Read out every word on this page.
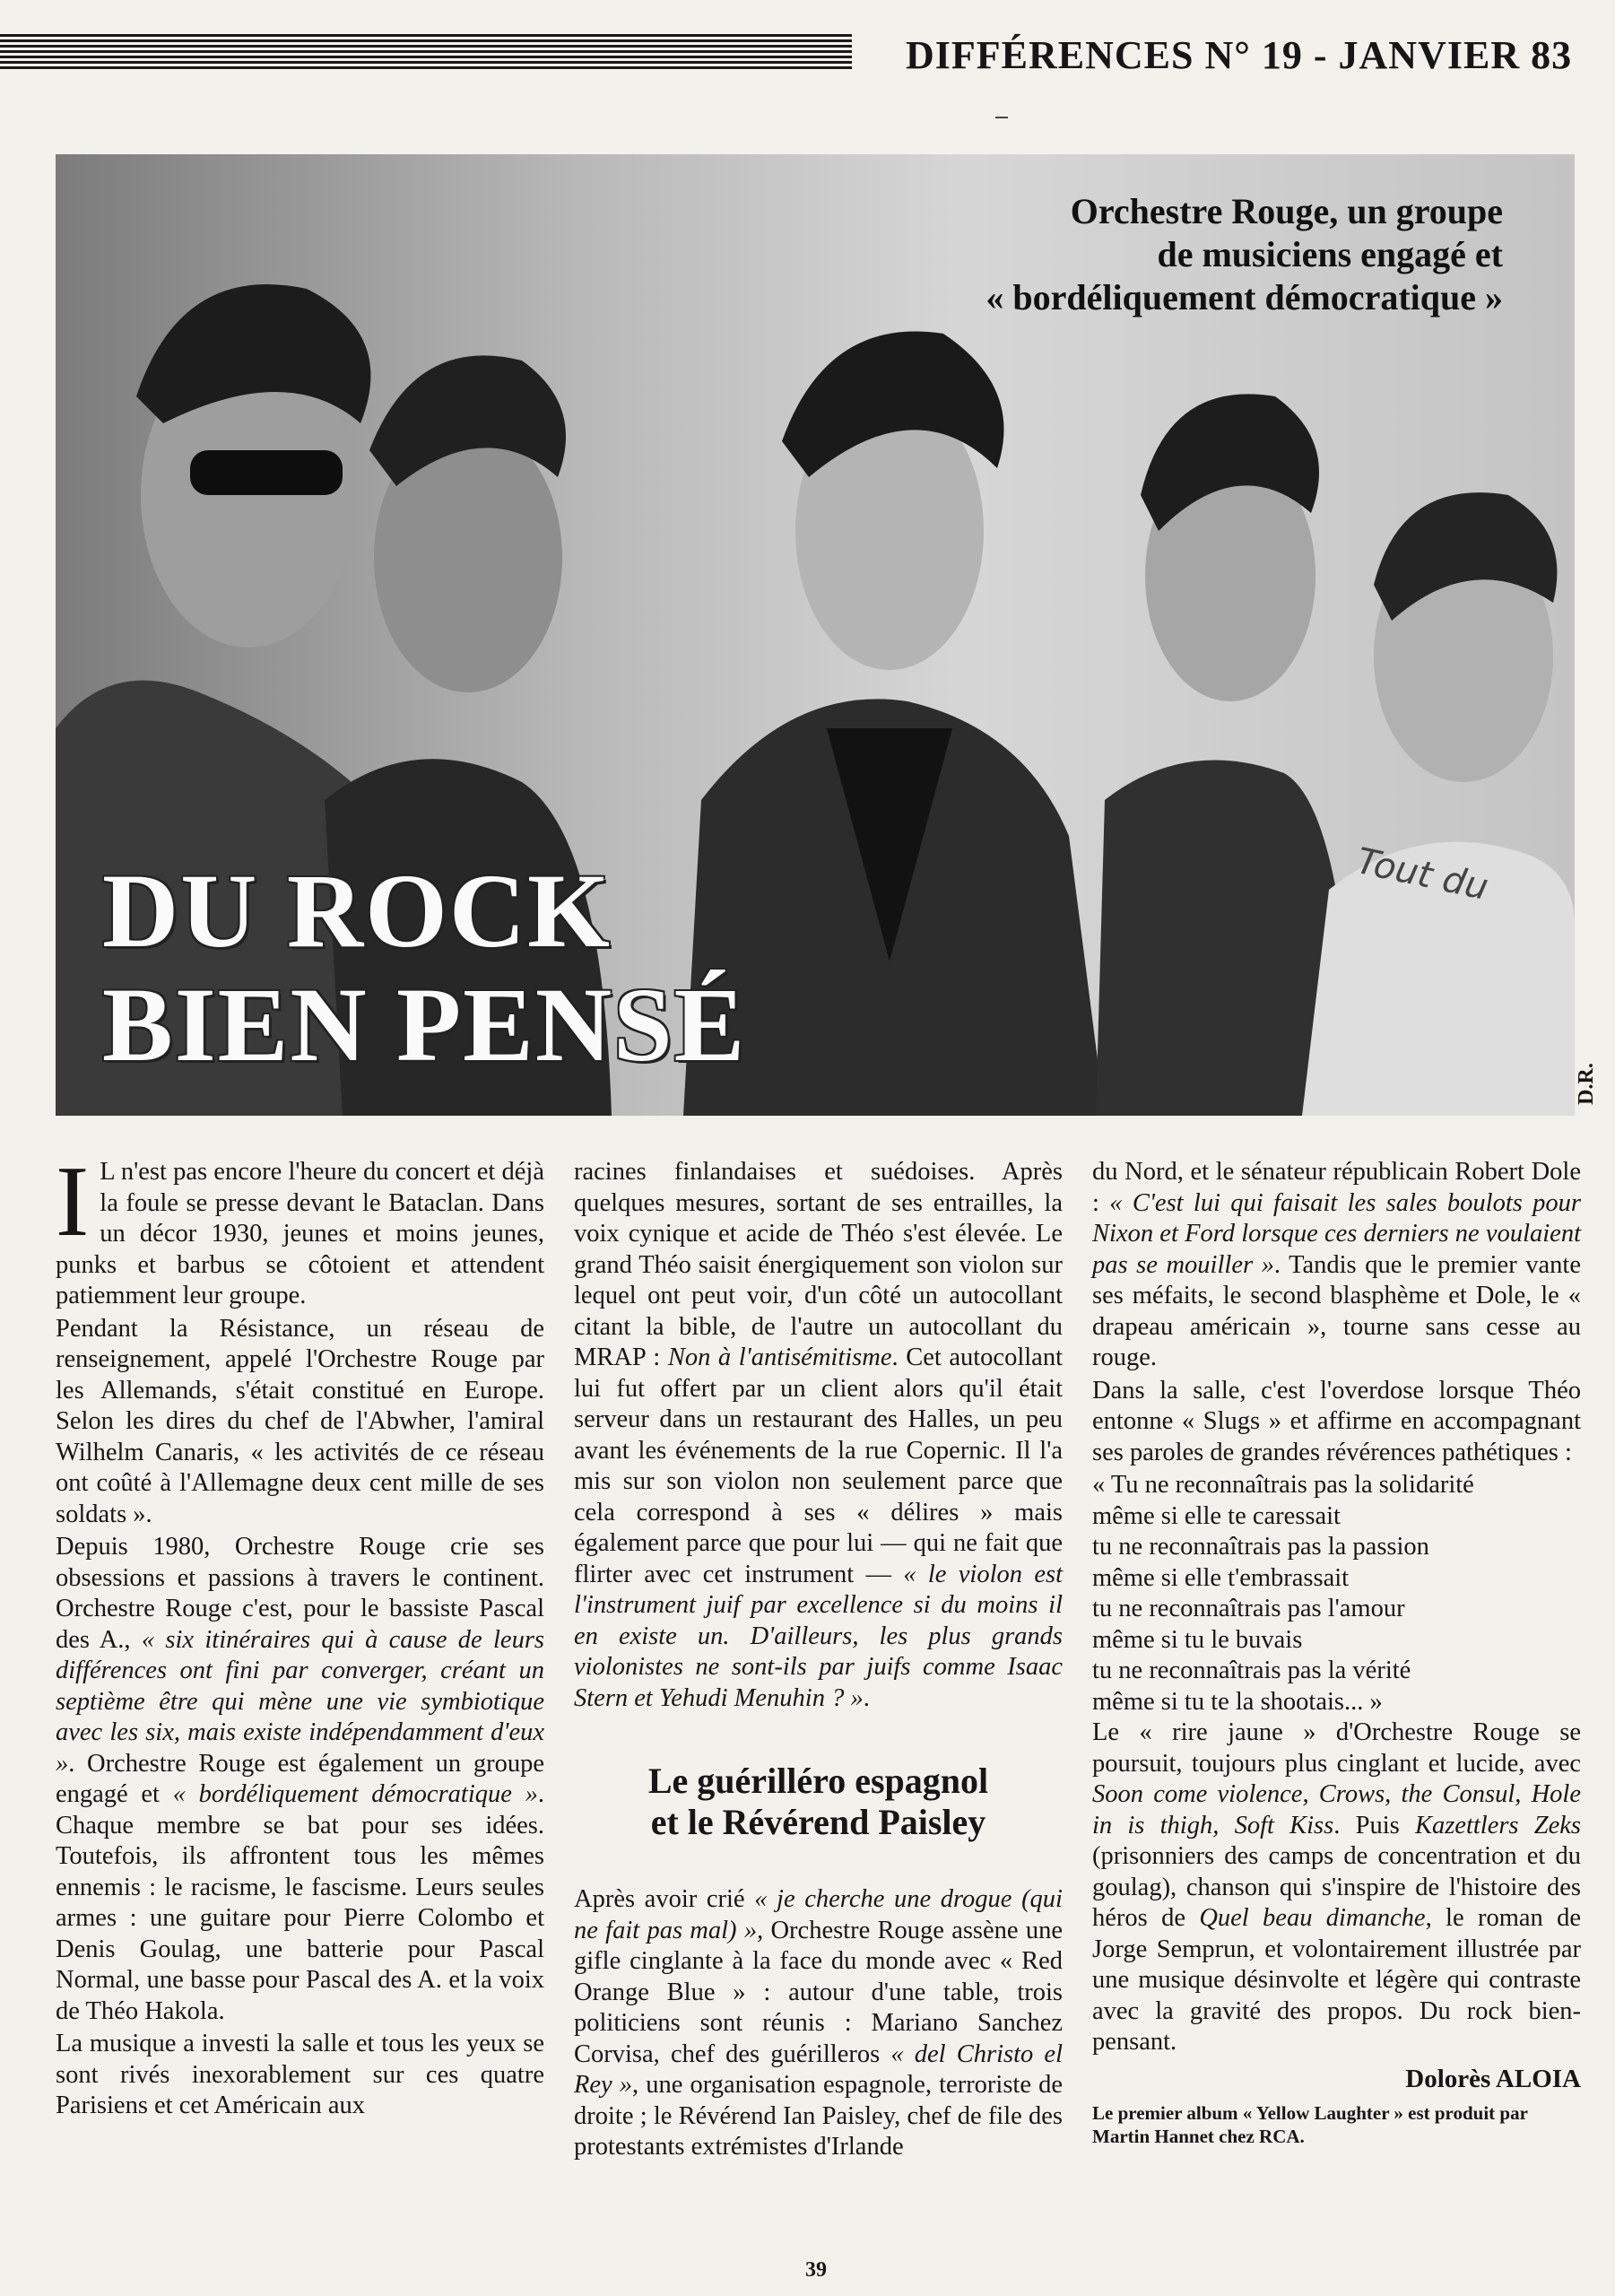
DIFFÉRENCES N° 19 - JANVIER 83
Orchestre Rouge, un groupe
de musiciens engagé et
« bordéliquement démocratique »
DU ROCK
BIEN PENSÉ
Tout du
D.R.

I L n'est pas encore l'heure du concert et déjà la foule se presse devant le Bataclan. Dans un décor 1930, jeunes et moins jeunes, punks et barbus se côtoient et attendent patiemment leur groupe.

Pendant la Résistance, un réseau de renseignement, appelé l'Orchestre Rouge par les Allemands, s'était constitué en Europe. Selon les dires du chef de l'Abwher, l'amiral Wilhelm Canaris, « les activités de ce réseau ont coûté à l'Allemagne deux cent mille de ses soldats ».

Depuis 1980, Orchestre Rouge crie ses obsessions et passions à travers le continent. Orchestre Rouge c'est, pour le bassiste Pascal des A., « six itinéraires qui à cause de leurs différences ont fini par converger, créant un septième être qui mène une vie symbiotique avec les six, mais existe indépendamment d'eux ». Orchestre Rouge est également un groupe engagé et « bordéliquement démocratique ». Chaque membre se bat pour ses idées. Toutefois, ils affrontent tous les mêmes ennemis : le racisme, le fascisme. Leurs seules armes : une guitare pour Pierre Colombo et Denis Goulag, une batterie pour Pascal Normal, une basse pour Pascal des A. et la voix de Théo Hakola.

La musique a investi la salle et tous les yeux se sont rivés inexorablement sur ces quatre Parisiens et cet Américain aux

racines finlandaises et suédoises. Après quelques mesures, sortant de ses entrailles, la voix cynique et acide de Théo s'est élevée. Le grand Théo saisit énergiquement son violon sur lequel ont peut voir, d'un côté un autocollant citant la bible, de l'autre un autocollant du MRAP : Non à l'antisémitisme. Cet autocollant lui fut offert par un client alors qu'il était serveur dans un restaurant des Halles, un peu avant les événements de la rue Copernic. Il l'a mis sur son violon non seulement parce que cela correspond à ses « délires » mais également parce que pour lui — qui ne fait que flirter avec cet instrument — « le violon est l'instrument juif par excellence si du moins il en existe un. D'ailleurs, les plus grands violonistes ne sont-ils par juifs comme Isaac Stern et Yehudi Menuhin ? ».

Le guérilléro espagnol
et le Révérend Paisley

Après avoir crié « je cherche une drogue (qui ne fait pas mal) », Orchestre Rouge assène une gifle cinglante à la face du monde avec « Red Orange Blue » : autour d'une table, trois politiciens sont réunis : Mariano Sanchez Corvisa, chef des guérilleros « del Christo el Rey », une organisation espagnole, terroriste de droite ; le Révérend Ian Paisley, chef de file des protestants extrémistes d'Irlande

du Nord, et le sénateur républicain Robert Dole : « C'est lui qui faisait les sales boulots pour Nixon et Ford lorsque ces derniers ne voulaient pas se mouiller ». Tandis que le premier vante ses méfaits, le second blasphème et Dole, le « drapeau américain », tourne sans cesse au rouge.

Dans la salle, c'est l'overdose lorsque Théo entonne « Slugs » et affirme en accompagnant ses paroles de grandes révérences pathétiques :

« Tu ne reconnaîtrais pas la solidarité
même si elle te caressait
tu ne reconnaîtrais pas la passion
même si elle t'embrassait
tu ne reconnaîtrais pas l'amour
même si tu le buvais
tu ne reconnaîtrais pas la vérité
même si tu te la shootais... »

Le « rire jaune » d'Orchestre Rouge se poursuit, toujours plus cinglant et lucide, avec Soon come violence, Crows, the Consul, Hole in is thigh, Soft Kiss. Puis Kazettlers Zeks (prisonniers des camps de concentration et du goulag), chanson qui s'inspire de l'histoire des héros de Quel beau dimanche, le roman de Jorge Semprun, et volontairement illustrée par une musique désinvolte et légère qui contraste avec la gravité des propos. Du rock bien-pensant.

Dolorès ALOIA
Le premier album « Yellow Laughter » est produit par Martin Hannet chez RCA.
39
